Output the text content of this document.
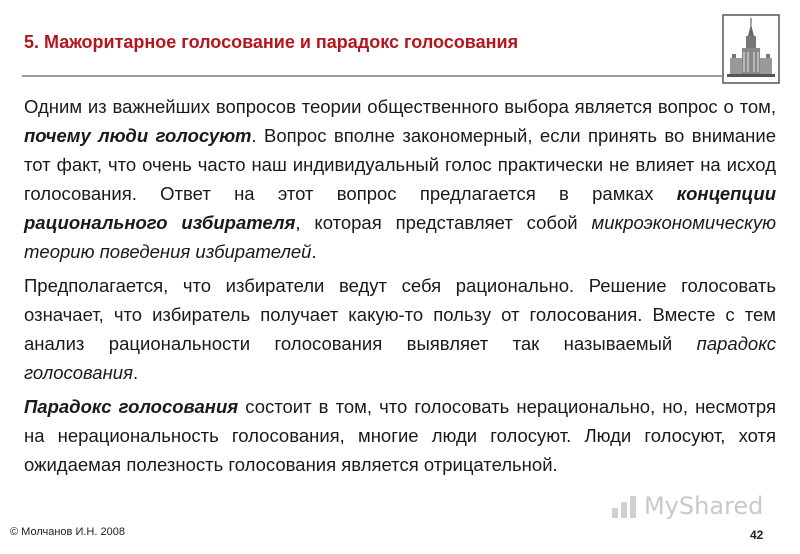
5. Мажоритарное голосование и парадокс голосования

Одним из важнейших вопросов теории общественного выбора является вопрос о том, почему люди голосуют. Вопрос вполне закономерный, если принять во внимание тот факт, что очень часто наш индивидуальный голос практически не влияет на исход голосования. Ответ на этот вопрос предлагается в рамках концепции рационального избирателя, которая представляет собой микроэкономическую теорию поведения избирателей.

Предполагается, что избиратели ведут себя рационально. Решение голосовать означает, что избиратель получает какую-то пользу от голосования. Вместе с тем анализ рациональности голосования выявляет так называемый парадокс голосования.

Парадокс голосования состоит в том, что голосовать нерационально, но, несмотря на нерациональность голосования, многие люди голосуют. Люди голосуют, хотя ожидаемая полезность голосования является отрицательной.

MyShared
© Молчанов И.Н. 2008	42
